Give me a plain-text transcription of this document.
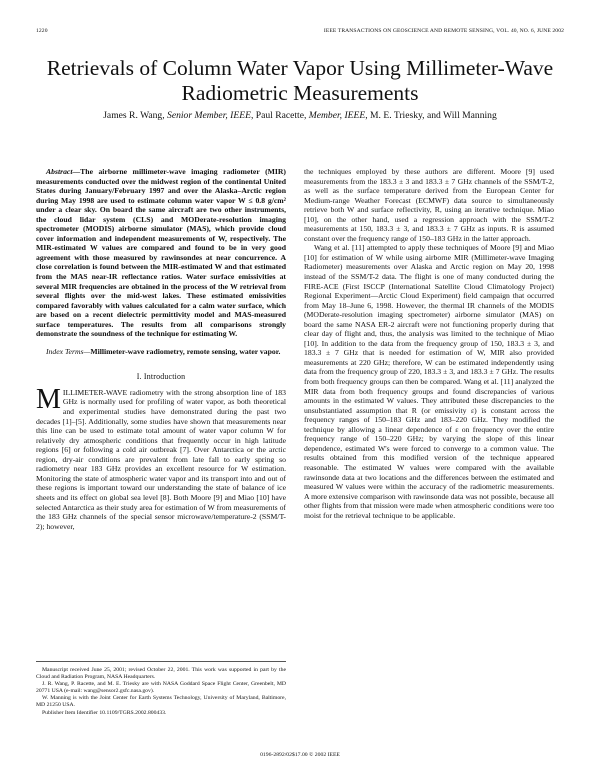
1220	IEEE TRANSACTIONS ON GEOSCIENCE AND REMOTE SENSING, VOL. 40, NO. 6, JUNE 2002
Retrievals of Column Water Vapor Using Millimeter-Wave Radiometric Measurements
James R. Wang, Senior Member, IEEE, Paul Racette, Member, IEEE, M. E. Triesky, and Will Manning

Abstract—The airborne millimeter-wave imaging radiometer (MIR) measurements conducted over the midwest region of the continental United States during January/February 1997 and over the Alaska–Arctic region during May 1998 are used to estimate column water vapor W ≤ 0.8 g/cm² under a clear sky. On board the same aircraft are two other instruments, the cloud lidar system (CLS) and MODerate-resolution imaging spectrometer (MODIS) airborne simulator (MAS), which provide cloud cover information and independent measurements of W, respectively. The MIR-estimated W values are compared and found to be in very good agreement with those measured by rawinsondes at near concurrence. A close correlation is found between the MIR-estimated W and that estimated from the MAS near-IR reflectance ratios. Water surface emissivities at several MIR frequencies are obtained in the process of the W retrieval from several flights over the mid-west lakes. These estimated emissivities compared favorably with values calculated for a calm water surface, which are based on a recent dielectric permittivity model and MAS-measured surface temperatures. The results from all comparisons strongly demonstrate the soundness of the technique for estimating W.

Index Terms—Millimeter-wave radiometry, remote sensing, water vapor.

I. Introduction

MILLIMETER-WAVE radiometry with the strong absorption line of 183 GHz is normally used for profiling of water vapor, as both theoretical and experimental studies have demonstrated during the past two decades [1]–[5]. Additionally, some studies have shown that measurements near this line can be used to estimate total amount of water vapor column W for relatively dry atmospheric conditions that frequently occur in high latitude regions [6] or following a cold air outbreak [7]. Over Antarctica or the arctic region, dry-air conditions are prevalent from late fall to early spring so radiometry near 183 GHz provides an excellent resource for W estimation. Monitoring the state of atmospheric water vapor and its transport into and out of these regions is important toward our understanding the state of balance of ice sheets and its effect on global sea level [8]. Both Moore [9] and Miao [10] have selected Antarctica as their study area for estimation of W from measurements of the 183 GHz channels of the special sensor microwave/temperature-2 (SSM/T-2); however,

the techniques employed by these authors are different. Moore [9] used measurements from the 183.3 ± 3 and 183.3 ± 7 GHz channels of the SSM/T-2, as well as the surface temperature derived from the European Center for Medium-range Weather Forecast (ECMWF) data source to simultaneously retrieve both W and surface reflectivity, R, using an iterative technique. Miao [10], on the other hand, used a regression approach with the SSM/T-2 measurements at 150, 183.3 ± 3, and 183.3 ± 7 GHz as inputs. R is assumed constant over the frequency range of 150–183 GHz in the latter approach.

Wang et al. [11] attempted to apply these techniques of Moore [9] and Miao [10] for estimation of W while using airborne MIR (Millimeter-wave Imaging Radiometer) measurements over Alaska and Arctic region on May 20, 1998 instead of the SSM/T-2 data. The flight is one of many conducted during the FIRE-ACE (First ISCCP (International Satellite Cloud Climatology Project) Regional Experiment—Arctic Cloud Experiment) field campaign that occurred from May 18–June 6, 1998. However, the thermal IR channels of the MODIS (MODerate-resolution imaging spectrometer) airborne simulator (MAS) on board the same NASA ER-2 aircraft were not functioning properly during that clear day of flight and, thus, the analysis was limited to the technique of Miao [10]. In addition to the data from the frequency group of 150, 183.3 ± 3, and 183.3 ± 7 GHz that is needed for estimation of W, MIR also provided measurements at 220 GHz; therefore, W can be estimated independently using data from the frequency group of 220, 183.3 ± 3, and 183.3 ± 7 GHz. The results from both frequency groups can then be compared. Wang et al. [11] analyzed the MIR data from both frequency groups and found discrepancies of various amounts in the estimated W values. They attributed these discrepancies to the unsubstantiated assumption that R (or emissivity ε) is constant across the frequency ranges of 150–183 GHz and 183–220 GHz. They modified the technique by allowing a linear dependence of ε on frequency over the entire frequency range of 150–220 GHz; by varying the slope of this linear dependence, estimated W's were forced to converge to a common value. The results obtained from this modified version of the technique appeared reasonable. The estimated W values were compared with the available rawinsonde data at two locations and the differences between the estimated and measured W values were within the accuracy of the radiometric measurements. A more extensive comparison with rawinsonde data was not possible, because all other flights from that mission were made when atmospheric conditions were too moist for the retrieval technique to be applicable.

Manuscript received June 25, 2001; revised October 22, 2001. This work was supported in part by the Cloud and Radiation Program, NASA Headquarters.

J. R. Wang, P. Racette, and M. E. Triesky are with NASA Goddard Space Flight Center, Greenbelt, MD 20771 USA (e-mail: wang@sensor2.gsfc.nasa.gov).

W. Manning is with the Joint Center for Earth Systems Technology, University of Maryland, Baltimore, MD 21250 USA.

Publisher Item Identifier 10.1109/TGRS.2002.800433.

0196-2892/02$17.00 © 2002 IEEE
